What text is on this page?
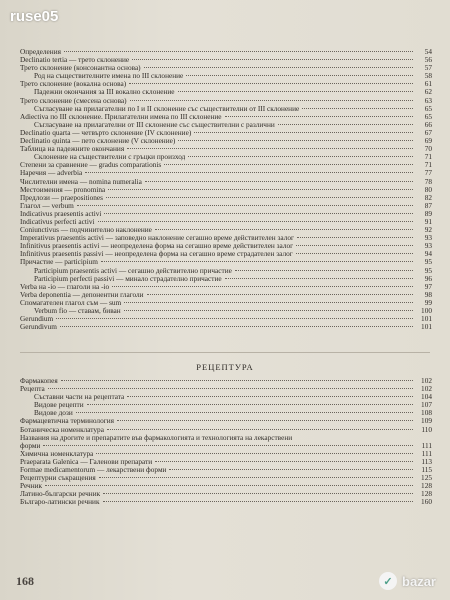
ruse05
Определения	54
Declinatio tertia — трето склонение	56
Трето склонение (консонантна основа)	57
Род на съществителните имена по III склонение	58
Трето склонение (вокална основа)	61
Падежни окончания за III вокално склонение	62
Трето склонение (смесена основа)	63
Съгласуване на прилагателни по I и II склонение със съществителни от III склонение	65
Adiectiva по III склонение. Прилагателни имена по III склонение	65
Съгласуване на прилагателни от III склонение със съществителни с различни	66
Declinatio quarta — четвърто склонение (IV склонение)	67
Declinatio quinta — пето склонение (V склонение)	69
Таблица на падежните окончания	70
Склонение на съществителни с гръцки произход	71
Степени за сравнение — gradus comparationis	71
Наречия — adverbia	77
Числителни имена — nomina numeralia	78
Местоимения — pronomina	80
Предлози — praepositiones	82
Глагол — verbum	87
Indicativus praesentis activi	89
Indicativus perfecti activi	91
Coniunctivus — подчинително наклонение	92
Imperativus praesentis activi — заповедно наклонение сегашно време действителен залог	93
Infinitivus praesentis activi — неопределена форма на сегашно време действителен залог	93
Infinitivus praesentis passivi — неопределена форма на сегашно време страдателен залог	94
Причастие — participium	95
Participium praesentis activi — сегашно действително причастие	95
Participium perfecti passivi — минало страдателно причастие	96
Verba на -io — глаголи на -io	97
Verba deponentia — депонентни глаголи	98
Спомагателен глагол съм — sum	99
Verbum fio — ставам, биван	100
Gerundium	101
Gerundivum	101
РЕЦЕПТУРА
Фармакопея	102
Рецепта	102
Съставни части на рецептата	104
Видове рецепти	107
Видове дози	108
Фармацевтична терминология	109
Ботаническа номенклатура	110
Названия на дрогите и препаратите във фармакологията и технологията на лекарствени
форми	111
Химична номенклатура	111
Praeparata Galenica — Галенови препарати	113
Formae medicamentorum — лекарствени форми	115
Рецептурни съкращения	125
Речник	128
Латино-български речник	128
Българо-латински речник	160
168	✓ bazar
